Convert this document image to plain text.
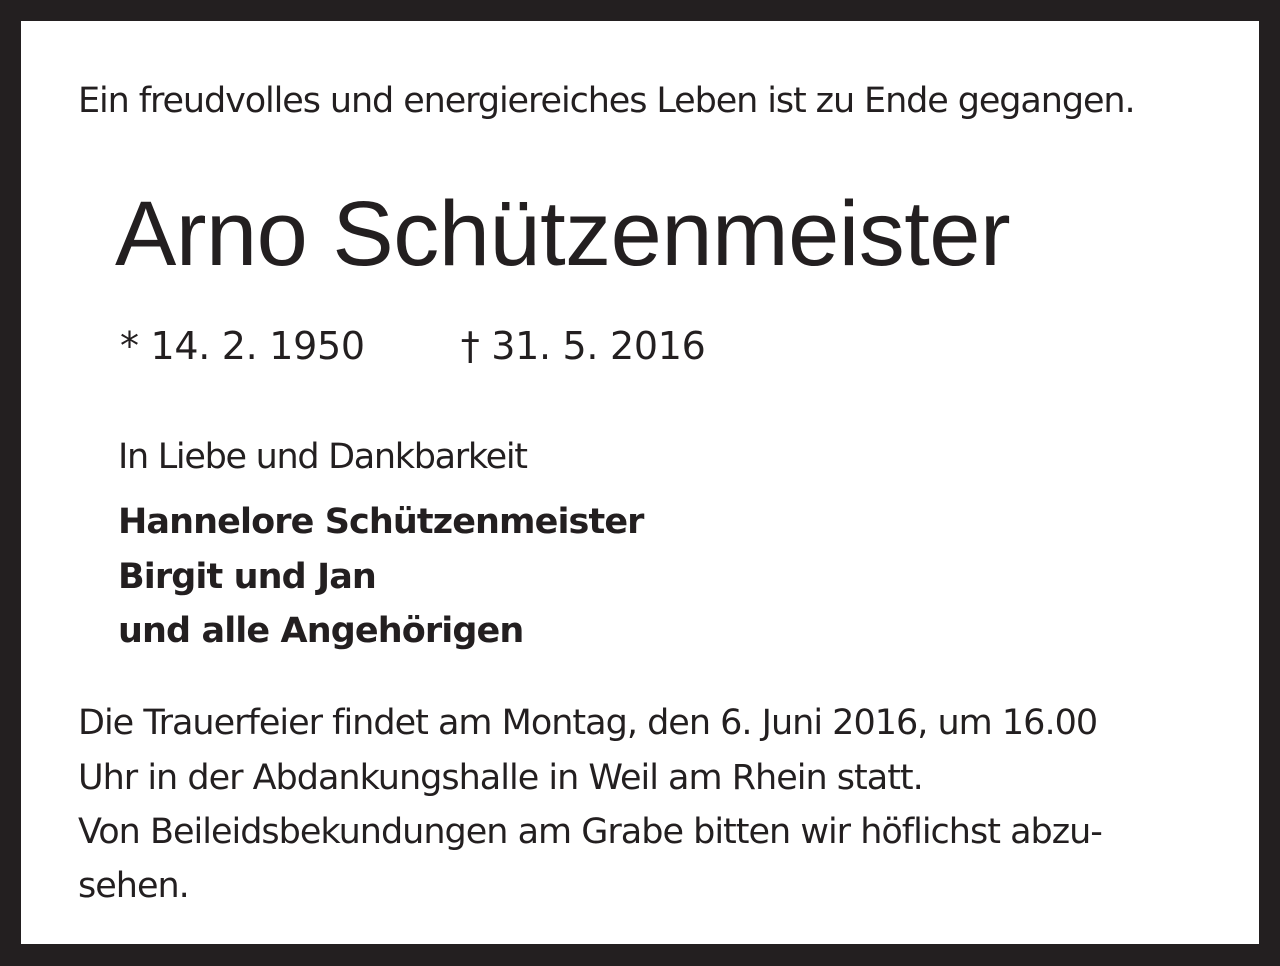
Ein freudvolles und energiereiches Leben ist zu Ende gegangen.
Arno Schützenmeister
* 14. 2. 1950	† 31. 5. 2016
In Liebe und Dankbarkeit
Hannelore Schützenmeister
Birgit und Jan
und alle Angehörigen
Die Trauerfeier findet am Montag, den 6. Juni 2016, um 16.00
Uhr in der Abdankungshalle in Weil am Rhein statt.
Von Beileidsbekundungen am Grabe bitten wir höflichst abzu-
sehen.
